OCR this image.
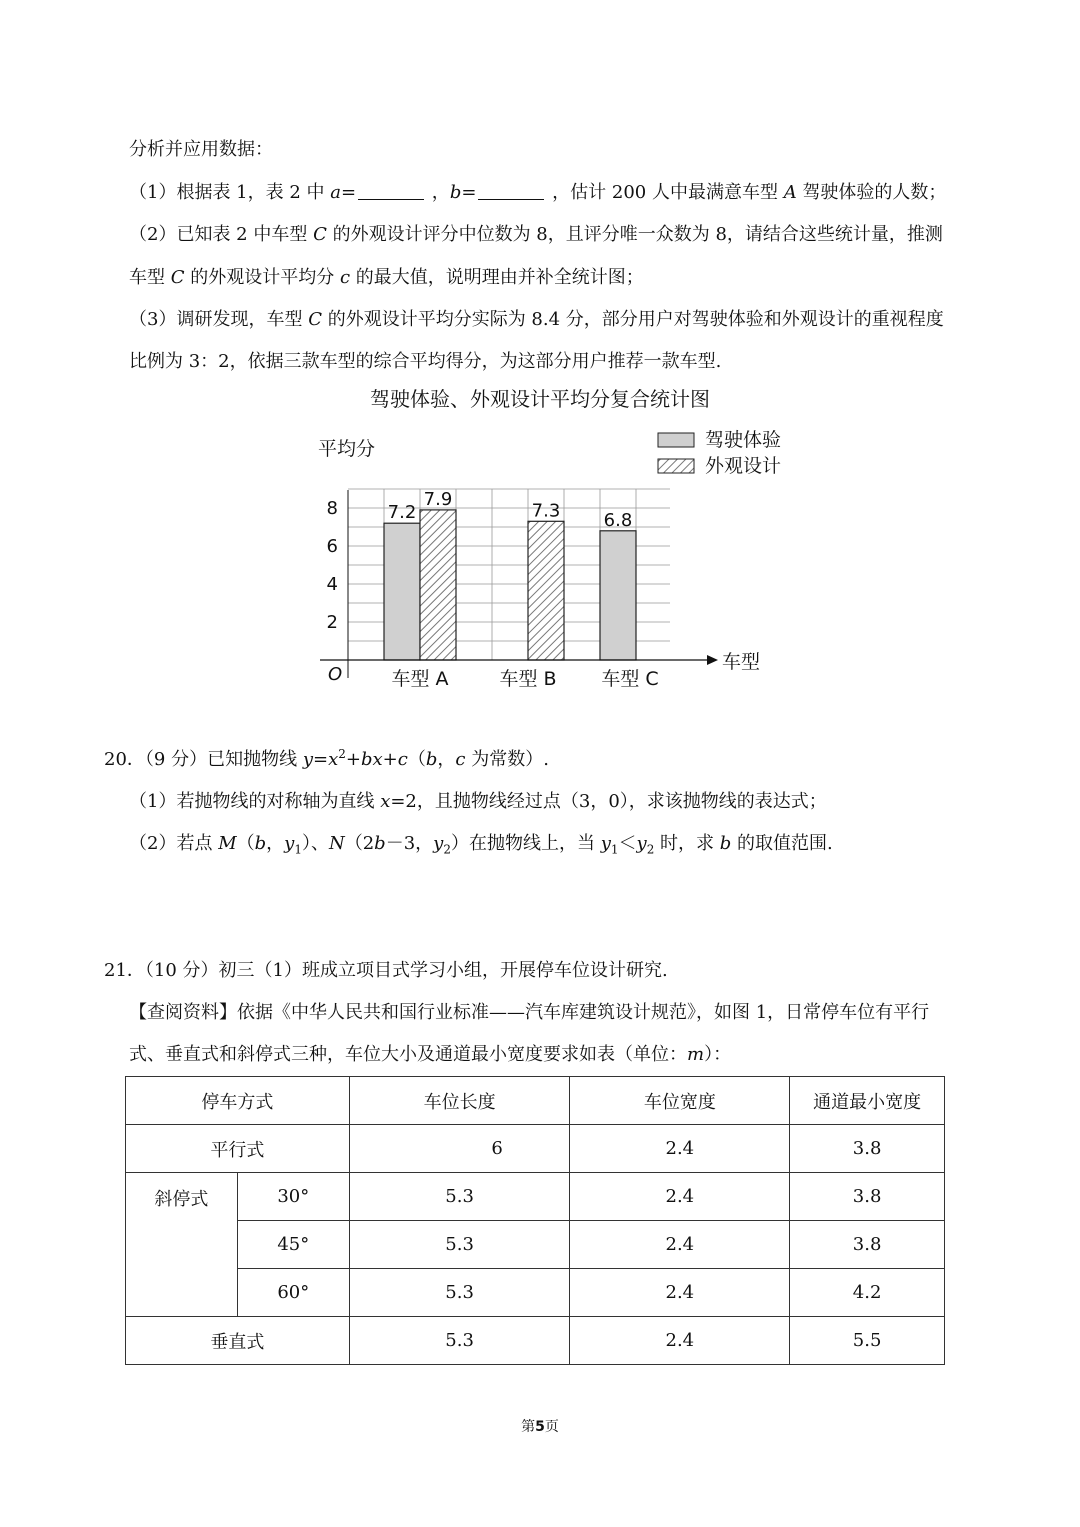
分析并应用数据：
（1）根据表 1，表 2 中 a=	，b=	，估计 200 人中最满意车型 A 驾驶体验的人数；
（2）已知表 2 中车型 C 的外观设计评分中位数为 8，且评分唯一众数为 8，请结合这些统计量，推测
车型 C 的外观设计平均分 c 的最大值，说明理由并补全统计图；
（3）调研发现，车型 C 的外观设计平均分实际为 8.4 分，部分用户对驾驶体验和外观设计的重视程度
比例为 3：2，依据三款车型的综合平均得分，为这部分用户推荐一款车型.
驾驶体验、外观设计平均分复合统计图
7.2
7.9
7.3 6.8
平均分
车型
O
2
4
6
8
车型 A	车型 B 车型 C
驾驶体验
外观设计
20．（9 分）已知抛物线 $y=x^2+bx+c(b$，c 为常数）.
（1）若抛物线的对称轴为直线 x=2，且抛物线经过点（3，0），求该抛物线的表达式；
（2）若点 M（b，$y_1$）、N（2b－3，$y_2$）在抛物线上，当 $y_1<y_2$ 时，求 b 的取值范围.
21．（10 分）初三（1）班成立项目式学习小组，开展停车位设计研究.
【查阅资料】依据《中华人民共和国行业标准——汽车库建筑设计规范》，如图 1，日常停车位有平行
式、垂直式和斜停式三种，车位大小及通道最小宽度要求如表（单位：m）：
停车方式		车位长度	车位宽度	通道最小宽度
平行式		6	2.4	3.8
斜停式	30°	5.3	2.4	3.8
	45°	5.3	2.4	3.8
	60°	5.3	2.4	4.2
垂直式		5.3	2.4	5.5
第5页
